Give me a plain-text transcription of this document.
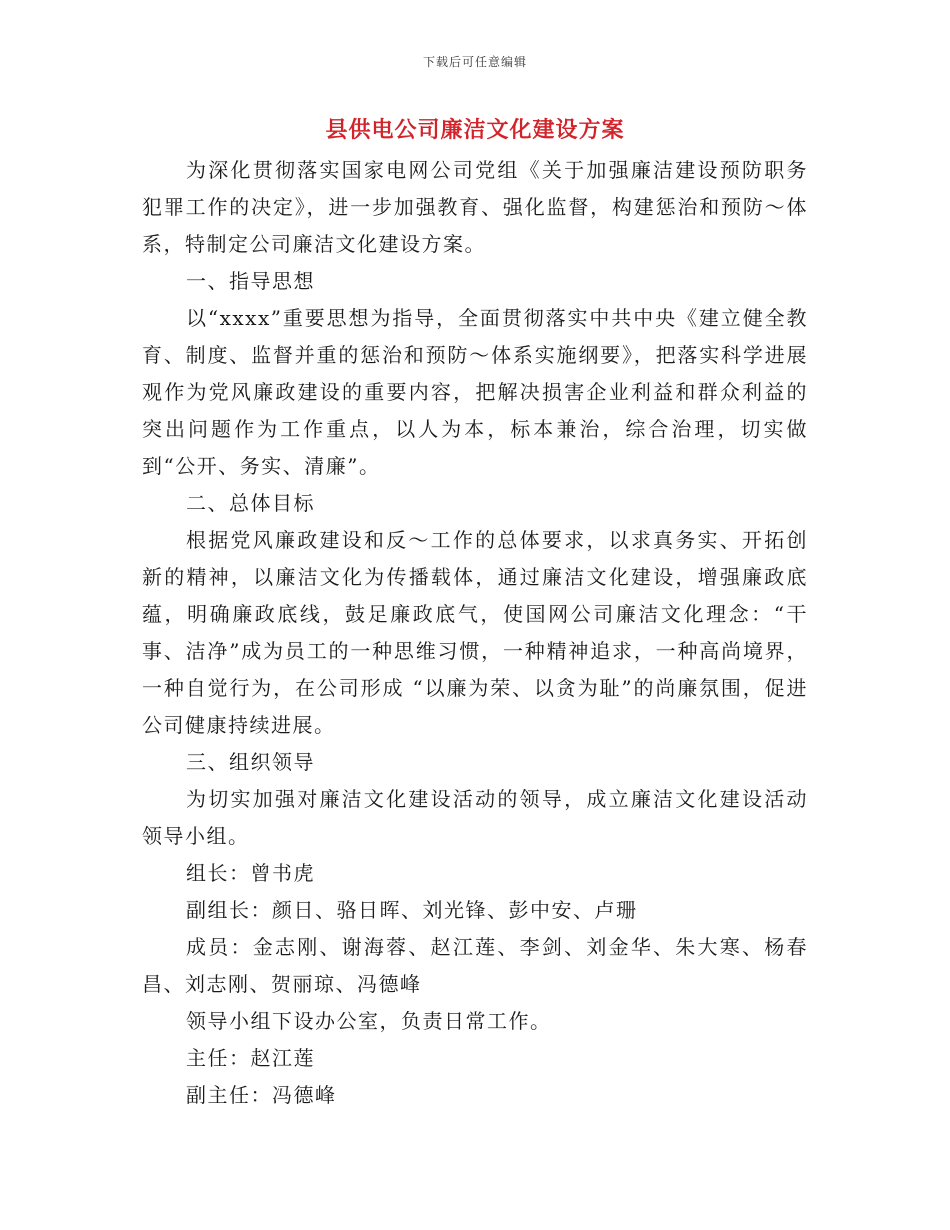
下载后可任意编辑
县供电公司廉洁文化建设方案

为深化贯彻落实国家电网公司党组《关于加强廉洁建设预防职务犯罪工作的决定》，进一步加强教育、强化监督，构建惩治和预防～体系，特制定公司廉洁文化建设方案。

一、指导思想

以“xxxx”重要思想为指导，全面贯彻落实中共中央《建立健全教育、制度、监督并重的惩治和预防～体系实施纲要》，把落实科学进展观作为党风廉政建设的重要内容，把解决损害企业利益和群众利益的突出问题作为工作重点，以人为本，标本兼治，综合治理，切实做到“公开、务实、清廉”。

二、总体目标

根据党风廉政建设和反～工作的总体要求，以求真务实、开拓创新的精神，以廉洁文化为传播载体，通过廉洁文化建设，增强廉政底蕴，明确廉政底线，鼓足廉政底气，使国网公司廉洁文化理念：“干事、洁净”成为员工的一种思维习惯，一种精神追求，一种高尚境界，一种自觉行为，在公司形成 “以廉为荣、以贪为耻”的尚廉氛围，促进公司健康持续进展。

三、组织领导

为切实加强对廉洁文化建设活动的领导，成立廉洁文化建设活动领导小组。

组长：曾书虎

副组长：颜日、骆日晖、刘光锋、彭中安、卢珊

成员：金志刚、谢海蓉、赵江莲、李剑、刘金华、朱大寒、杨春昌、刘志刚、贺丽琼、冯德峰

领导小组下设办公室，负责日常工作。

主任：赵江莲

副主任：冯德峰
